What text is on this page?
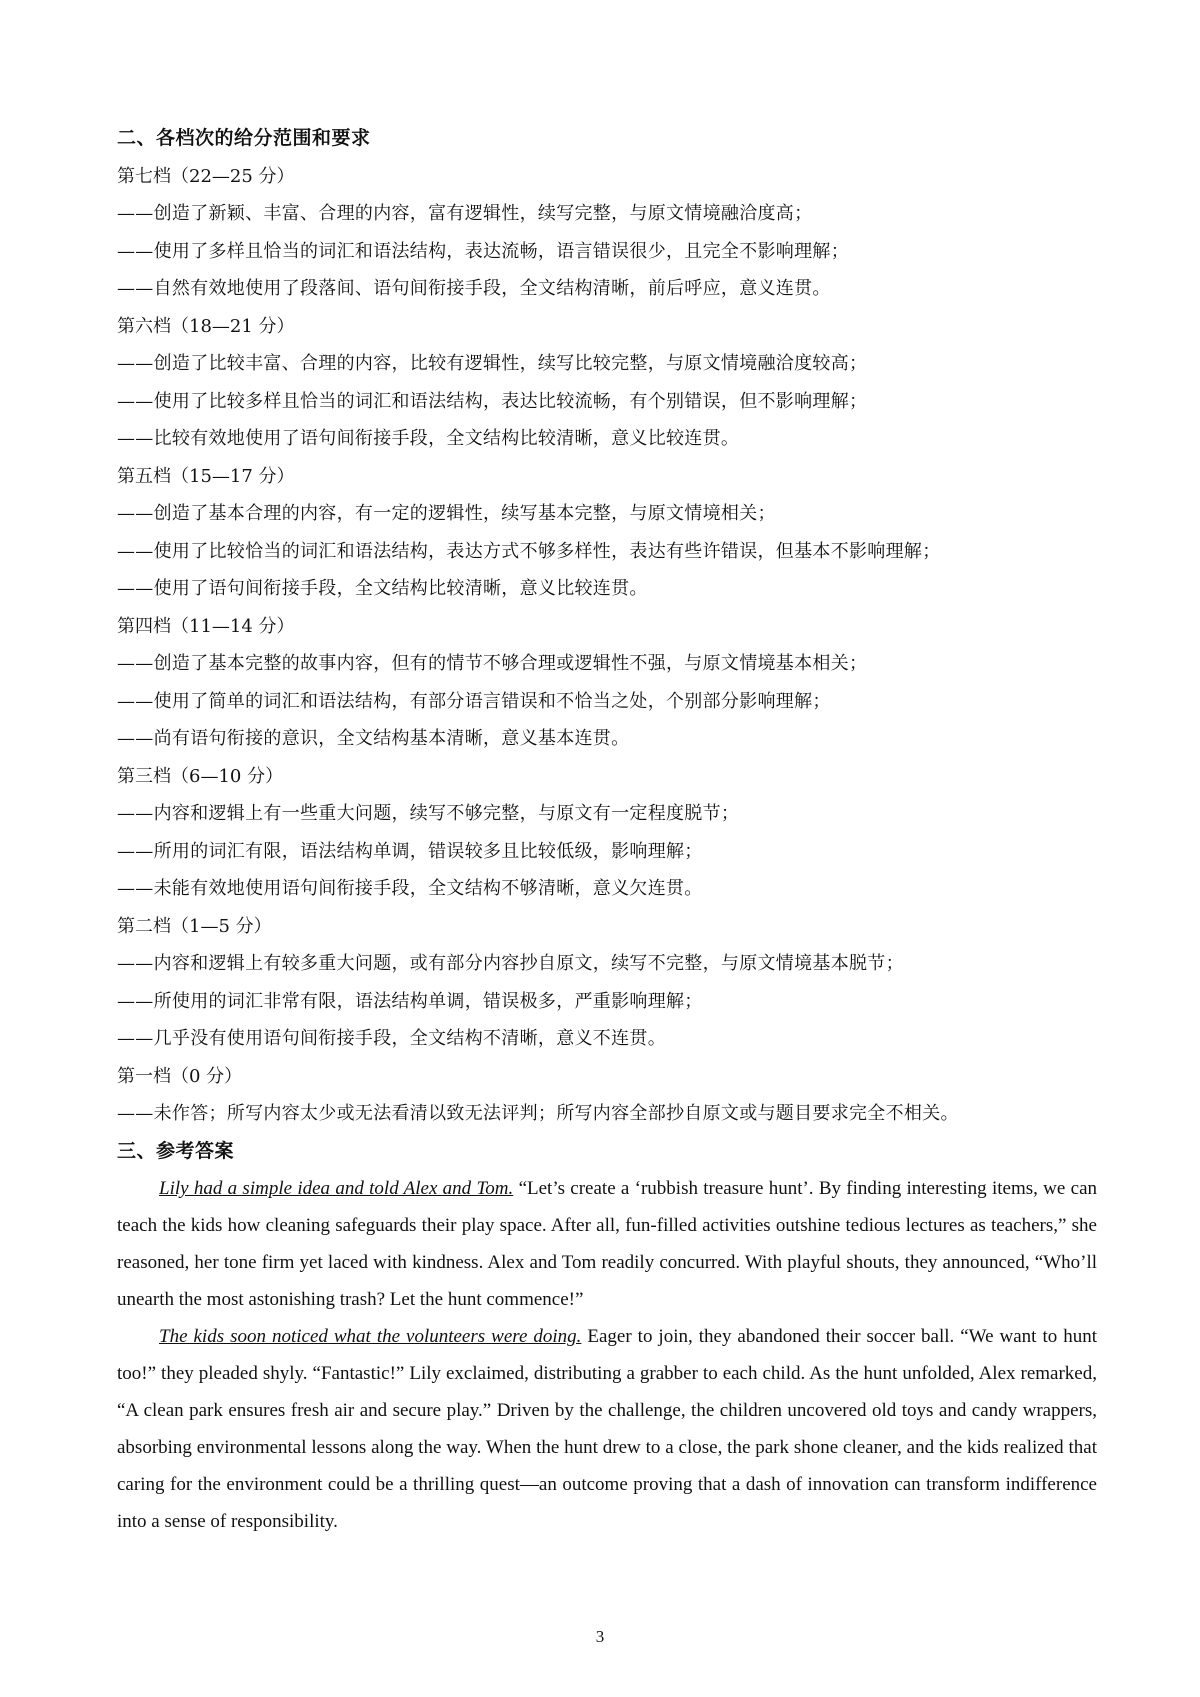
二、各档次的给分范围和要求
第七档（22—25 分）
——创造了新颖、丰富、合理的内容，富有逻辑性，续写完整，与原文情境融洽度高；
——使用了多样且恰当的词汇和语法结构，表达流畅，语言错误很少，且完全不影响理解；
——自然有效地使用了段落间、语句间衔接手段，全文结构清晰，前后呼应，意义连贯。
第六档（18—21 分）
——创造了比较丰富、合理的内容，比较有逻辑性，续写比较完整，与原文情境融洽度较高；
——使用了比较多样且恰当的词汇和语法结构，表达比较流畅，有个别错误，但不影响理解；
——比较有效地使用了语句间衔接手段，全文结构比较清晰，意义比较连贯。
第五档（15—17 分）
——创造了基本合理的内容，有一定的逻辑性，续写基本完整，与原文情境相关；
——使用了比较恰当的词汇和语法结构，表达方式不够多样性，表达有些许错误，但基本不影响理解；
——使用了语句间衔接手段，全文结构比较清晰，意义比较连贯。
第四档（11—14 分）
——创造了基本完整的故事内容，但有的情节不够合理或逻辑性不强，与原文情境基本相关；
——使用了简单的词汇和语法结构，有部分语言错误和不恰当之处，个别部分影响理解；
——尚有语句衔接的意识，全文结构基本清晰，意义基本连贯。
第三档（6—10 分）
——内容和逻辑上有一些重大问题，续写不够完整，与原文有一定程度脱节；
——所用的词汇有限，语法结构单调，错误较多且比较低级，影响理解；
——未能有效地使用语句间衔接手段，全文结构不够清晰，意义欠连贯。
第二档（1—5 分）
——内容和逻辑上有较多重大问题，或有部分内容抄自原文，续写不完整，与原文情境基本脱节；
——所使用的词汇非常有限，语法结构单调，错误极多，严重影响理解；
——几乎没有使用语句间衔接手段，全文结构不清晰，意义不连贯。
第一档（0 分）
——未作答；所写内容太少或无法看清以致无法评判；所写内容全部抄自原文或与题目要求完全不相关。
三、参考答案

Lily had a simple idea and told Alex and Tom. “Let’s create a ‘rubbish treasure hunt’. By finding interesting items, we can teach the kids how cleaning safeguards their play space. After all, fun-filled activities outshine tedious lectures as teachers,” she reasoned, her tone firm yet laced with kindness. Alex and Tom readily concurred. With playful shouts, they announced, “Who’ll unearth the most astonishing trash? Let the hunt commence!”

The kids soon noticed what the volunteers were doing. Eager to join, they abandoned their soccer ball. “We want to hunt too!” they pleaded shyly. “Fantastic!” Lily exclaimed, distributing a grabber to each child. As the hunt unfolded, Alex remarked, “A clean park ensures fresh air and secure play.” Driven by the challenge, the children uncovered old toys and candy wrappers, absorbing environmental lessons along the way. When the hunt drew to a close, the park shone cleaner, and the kids realized that caring for the environment could be a thrilling quest—an outcome proving that a dash of innovation can transform indifference into a sense of responsibility.

3
